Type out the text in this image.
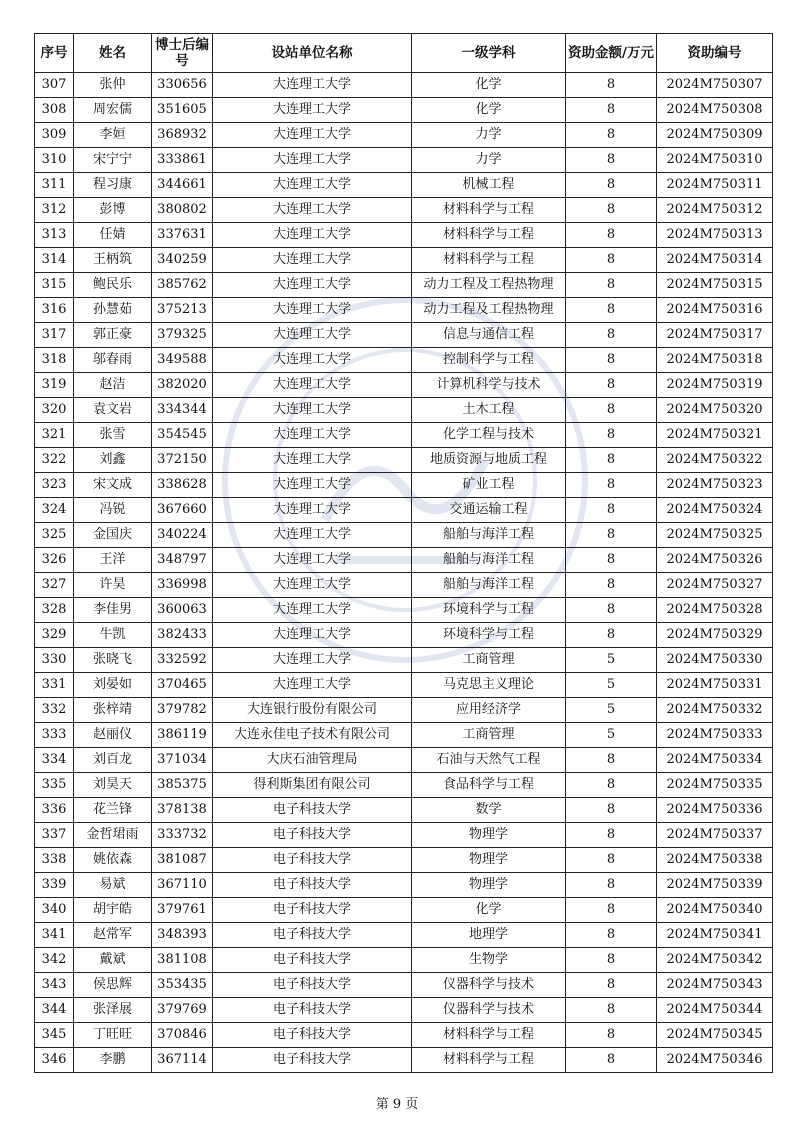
序号	姓名	博士后编号	设站单位名称	一级学科	资助金额/万元	资助编号
307	张仲	330656	大连理工大学	化学	8	2024M750307
308	周宏儒	351605	大连理工大学	化学	8	2024M750308
309	李姮	368932	大连理工大学	力学	8	2024M750309
310	宋宁宁	333861	大连理工大学	力学	8	2024M750310
311	程习康	344661	大连理工大学	机械工程	8	2024M750311
312	彭博	380802	大连理工大学	材料科学与工程	8	2024M750312
313	任婧	337631	大连理工大学	材料科学与工程	8	2024M750313
314	王柄筑	340259	大连理工大学	材料科学与工程	8	2024M750314
315	鲍民乐	385762	大连理工大学	动力工程及工程热物理	8	2024M750315
316	孙慧茹	375213	大连理工大学	动力工程及工程热物理	8	2024M750316
317	郭正豪	379325	大连理工大学	信息与通信工程	8	2024M750317
318	邬春雨	349588	大连理工大学	控制科学与工程	8	2024M750318
319	赵洁	382020	大连理工大学	计算机科学与技术	8	2024M750319
320	袁文岩	334344	大连理工大学	土木工程	8	2024M750320
321	张雪	354545	大连理工大学	化学工程与技术	8	2024M750321
322	刘鑫	372150	大连理工大学	地质资源与地质工程	8	2024M750322
323	宋文成	338628	大连理工大学	矿业工程	8	2024M750323
324	冯锐	367660	大连理工大学	交通运输工程	8	2024M750324
325	金国庆	340224	大连理工大学	船舶与海洋工程	8	2024M750325
326	王洋	348797	大连理工大学	船舶与海洋工程	8	2024M750326
327	许昊	336998	大连理工大学	船舶与海洋工程	8	2024M750327
328	李佳男	360063	大连理工大学	环境科学与工程	8	2024M750328
329	牛凯	382433	大连理工大学	环境科学与工程	8	2024M750329
330	张晓飞	332592	大连理工大学	工商管理	5	2024M750330
331	刘晏如	370465	大连理工大学	马克思主义理论	5	2024M750331
332	张梓靖	379782	大连银行股份有限公司	应用经济学	5	2024M750332
333	赵丽仪	386119	大连永佳电子技术有限公司	工商管理	5	2024M750333
334	刘百龙	371034	大庆石油管理局	石油与天然气工程	8	2024M750334
335	刘昊天	385375	得利斯集团有限公司	食品科学与工程	8	2024M750335
336	花兰锋	378138	电子科技大学	数学	8	2024M750336
337	金哲珺雨	333732	电子科技大学	物理学	8	2024M750337
338	姚依森	381087	电子科技大学	物理学	8	2024M750338
339	易斌	367110	电子科技大学	物理学	8	2024M750339
340	胡宇皓	379761	电子科技大学	化学	8	2024M750340
341	赵常军	348393	电子科技大学	地理学	8	2024M750341
342	戴斌	381108	电子科技大学	生物学	8	2024M750342
343	侯思辉	353435	电子科技大学	仪器科学与技术	8	2024M750343
344	张泽展	379769	电子科技大学	仪器科学与技术	8	2024M750344
345	丁旺旺	370846	电子科技大学	材料科学与工程	8	2024M750345
346	李鹏	367114	电子科技大学	材料科学与工程	8	2024M750346
第 9 页
